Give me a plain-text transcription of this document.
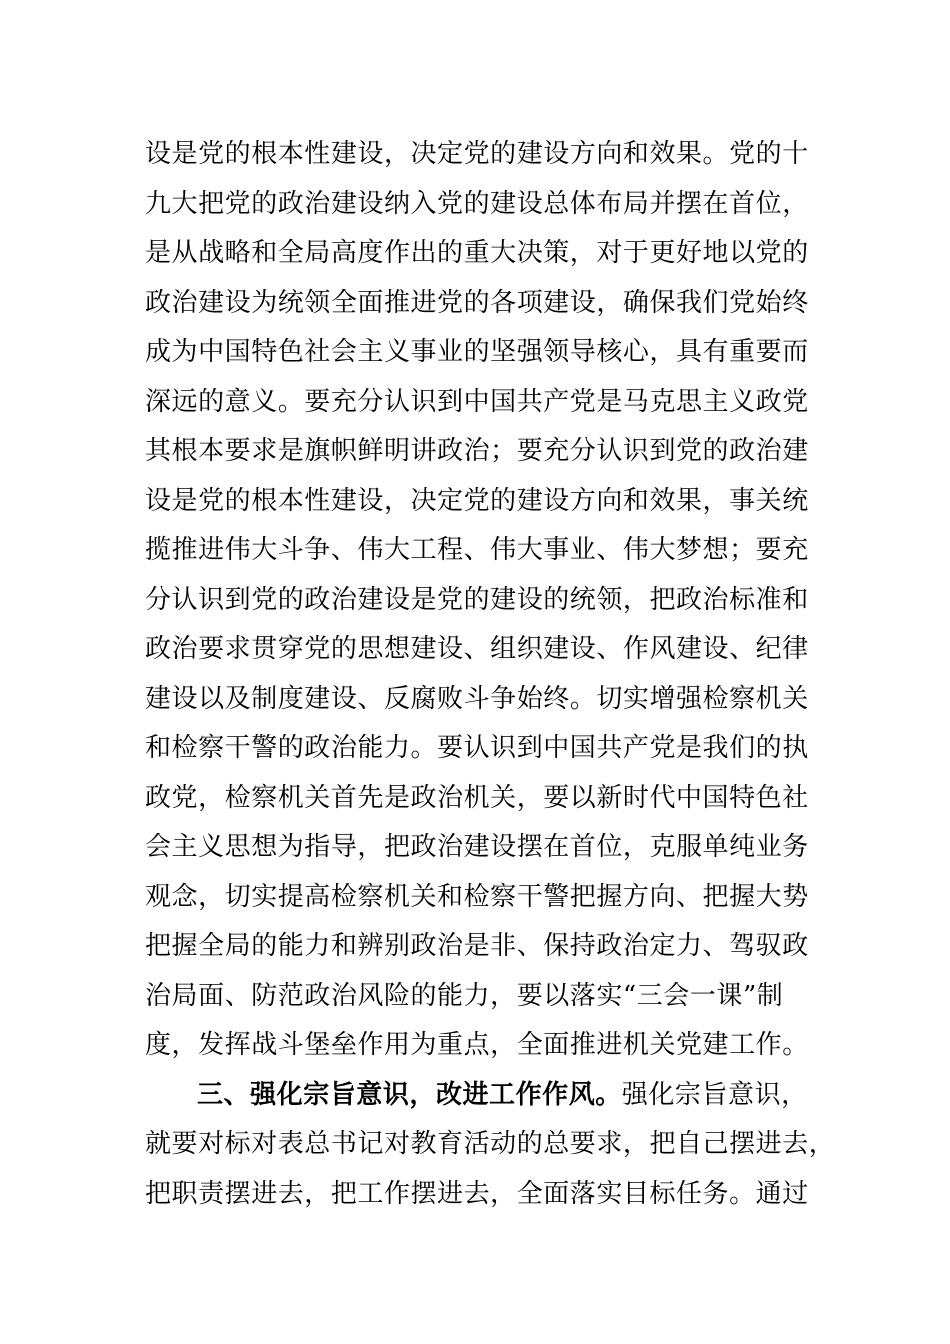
设是党的根本性建设，决定党的建设方向和效果。党的十
九大把党的政治建设纳入党的建设总体布局并摆在首位，
是从战略和全局高度作出的重大决策，对于更好地以党的
政治建设为统领全面推进党的各项建设，确保我们党始终
成为中国特色社会主义事业的坚强领导核心，具有重要而
深远的意义。要充分认识到中国共产党是马克思主义政党
其根本要求是旗帜鲜明讲政治；要充分认识到党的政治建
设是党的根本性建设，决定党的建设方向和效果，事关统
揽推进伟大斗争、伟大工程、伟大事业、伟大梦想；要充
分认识到党的政治建设是党的建设的统领，把政治标准和
政治要求贯穿党的思想建设、组织建设、作风建设、纪律
建设以及制度建设、反腐败斗争始终。切实增强检察机关
和检察干警的政治能力。要认识到中国共产党是我们的执
政党，检察机关首先是政治机关，要以新时代中国特色社
会主义思想为指导，把政治建设摆在首位，克服单纯业务
观念，切实提高检察机关和检察干警把握方向、把握大势
把握全局的能力和辨别政治是非、保持政治定力、驾驭政
治局面、防范政治风险的能力，要以落实“三会一课”制
度，发挥战斗堡垒作用为重点，全面推进机关党建工作。
三、强化宗旨意识，改进工作作风。强化宗旨意识，
就要对标对表总书记对教育活动的总要求，把自己摆进去，
把职责摆进去，把工作摆进去，全面落实目标任务。通过
